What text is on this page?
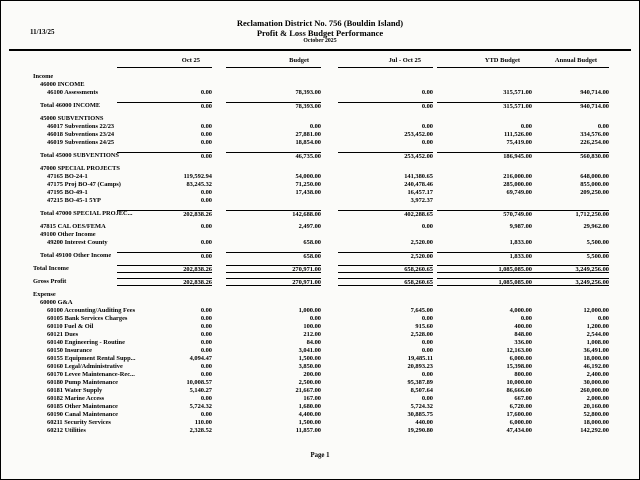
11/13/25
Reclamation District No. 756 (Bouldin Island)
Profit & Loss Budget Performance
October 2025
Oct 25	Budget	Jul - Oct 25	YTD Budget	Annual Budget
Income
46000 INCOME
46100 Assessments	0.00	78,393.00	0.00	315,571.00	940,714.00
Total 46000 INCOME	0.00	78,393.00	0.00	315,571.00	940,714.00
45000 SUBVENTIONS
46017 Subventions 22/23	0.00	0.00	0.00	0.00	0.00
46018 Subventions 23/24	0.00	27,881.00	253,452.00	111,526.00	334,576.00
46019 Subventions 24/25	0.00	18,854.00	0.00	75,419.00	226,254.00
Total 45000 SUBVENTIONS	0.00	46,735.00	253,452.00	186,945.00	560,830.00
47000 SPECIAL PROJECTS
47165 BO-24-1	119,592.94	54,000.00	141,380.65	216,000.00	648,000.00
47175 Proj BO-47 (Camps)	83,245.32	71,250.00	240,478.46	285,000.00	855,000.00
47195 BO-49-1	0.00	17,438.00	16,457.17	69,749.00	209,250.00
47215 BO-45-1 5YP	0.00	3,972.37
Total 47000 SPECIAL PROJEC...	202,838.26	142,688.00	402,288.65	570,749.00	1,712,250.00
47815 CAL OES/FEMA	0.00	2,497.00	0.00	9,987.00	29,962.00
49100 Other Income
49200 Interest County	0.00	658.00	2,520.00	1,833.00	5,500.00
Total 49100 Other Income	0.00	658.00	2,520.00	1,833.00	5,500.00
Total Income	202,838.26	270,971.00	658,260.65	1,085,085.00	3,249,256.00
Gross Profit	202,838.26	270,971.00	658,260.65	1,085,085.00	3,249,256.00
Expense
60000 G&A
60100 Accounting/Auditing Fees	0.00	1,000.00	7,645.00	4,000.00	12,000.00
60105 Bank Services Charges	0.00	0.00	0.00	0.00	0.00
60110 Fuel & Oil	0.00	100.00	915.60	400.00	1,200.00
60121 Dues	0.00	212.00	2,528.00	848.00	2,544.00
60140 Engineering - Routine	0.00	84.00	0.00	336.00	1,008.00
60150 Insurance	0.00	3,041.00	0.00	12,163.00	36,491.00
60155 Equipment Rental Supp...	4,094.47	1,500.00	19,485.11	6,000.00	18,000.00
60160 Legal/Administrative	0.00	3,850.00	20,893.23	15,398.00	46,192.00
60170 Levee Maintenance-Rec...	0.00	200.00	0.00	800.00	2,400.00
60180 Pump Maintenance	10,008.57	2,500.00	95,387.89	10,000.00	30,000.00
60181 Water Supply	5,140.27	21,667.00	8,507.64	86,666.00	260,000.00
60182 Marine Access	0.00	167.00	0.00	667.00	2,000.00
60185 Other Maintenance	5,724.32	1,680.00	5,724.32	6,720.00	20,160.00
60190 Canal Maintenance	0.00	4,400.00	30,885.75	17,600.00	52,800.00
60211 Security Services	110.00	1,500.00	440.00	6,000.00	18,000.00
60212 Utilities	2,328.52	11,857.00	19,290.80	47,434.00	142,292.00
Page 1
